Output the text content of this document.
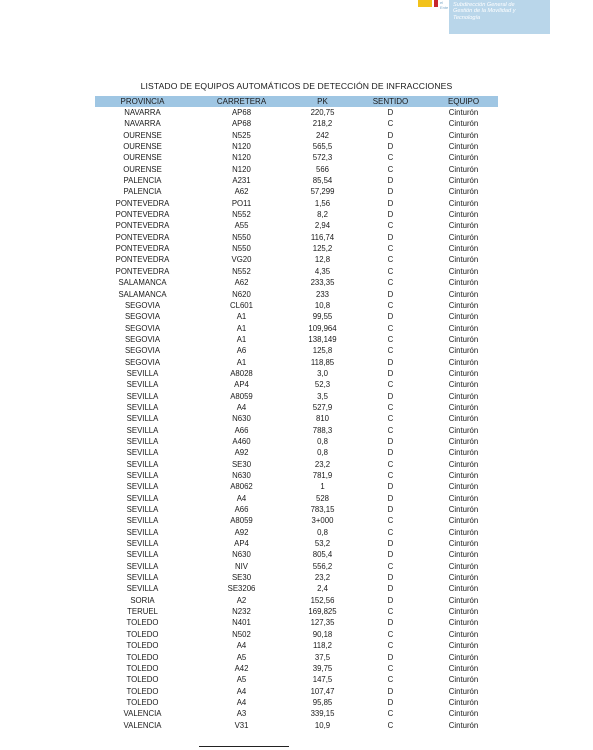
el Ente Subdirección General de
Gestión de la Movilidad y
Tecnología
LISTADO DE EQUIPOS AUTOMÁTICOS DE DETECCIÓN DE INFRACCIONES
PROVINCIA	CARRETERA	PK	SENTIDO	EQUIPO
NAVARRA	AP68	220,75	D	Cinturón
NAVARRA	AP68	218,2	C	Cinturón
OURENSE	N525	242	D	Cinturón
OURENSE	N120	565,5	D	Cinturón
OURENSE	N120	572,3	C	Cinturón
OURENSE	N120	566	C	Cinturón
PALENCIA	A231	85,54	D	Cinturón
PALENCIA	A62	57,299	D	Cinturón
PONTEVEDRA	PO11	1,56	D	Cinturón
PONTEVEDRA	N552	8,2	D	Cinturón
PONTEVEDRA	A55	2,94	C	Cinturón
PONTEVEDRA	N550	116,74	D	Cinturón
PONTEVEDRA	N550	125,2	C	Cinturón
PONTEVEDRA	VG20	12,8	C	Cinturón
PONTEVEDRA	N552	4,35	C	Cinturón
SALAMANCA	A62	233,35	C	Cinturón
SALAMANCA	N620	233	D	Cinturón
SEGOVIA	CL601	10,8	C	Cinturón
SEGOVIA	A1	99,55	D	Cinturón
SEGOVIA	A1	109,964	C	Cinturón
SEGOVIA	A1	138,149	C	Cinturón
SEGOVIA	A6	125,8	C	Cinturón
SEGOVIA	A1	118,85	D	Cinturón
SEVILLA	A8028	3,0	D	Cinturón
SEVILLA	AP4	52,3	C	Cinturón
SEVILLA	A8059	3,5	D	Cinturón
SEVILLA	A4	527,9	C	Cinturón
SEVILLA	N630	810	C	Cinturón
SEVILLA	A66	788,3	C	Cinturón
SEVILLA	A460	0,8	D	Cinturón
SEVILLA	A92	0,8	D	Cinturón
SEVILLA	SE30	23,2	C	Cinturón
SEVILLA	N630	781,9	C	Cinturón
SEVILLA	A8062	1	D	Cinturón
SEVILLA	A4	528	D	Cinturón
SEVILLA	A66	783,15	D	Cinturón
SEVILLA	A8059	3+000	C	Cinturón
SEVILLA	A92	0,8	C	Cinturón
SEVILLA	AP4	53,2	D	Cinturón
SEVILLA	N630	805,4	D	Cinturón
SEVILLA	NIV	556,2	C	Cinturón
SEVILLA	SE30	23,2	D	Cinturón
SEVILLA	SE3206	2,4	D	Cinturón
SORIA	A2	152,56	D	Cinturón
TERUEL	N232	169,825	C	Cinturón
TOLEDO	N401	127,35	D	Cinturón
TOLEDO	N502	90,18	C	Cinturón
TOLEDO	A4	118,2	C	Cinturón
TOLEDO	A5	37,5	D	Cinturón
TOLEDO	A42	39,75	C	Cinturón
TOLEDO	A5	147,5	C	Cinturón
TOLEDO	A4	107,47	D	Cinturón
TOLEDO	A4	95,85	D	Cinturón
VALENCIA	A3	339,15	C	Cinturón
VALENCIA	V31	10,9	C	Cinturón
